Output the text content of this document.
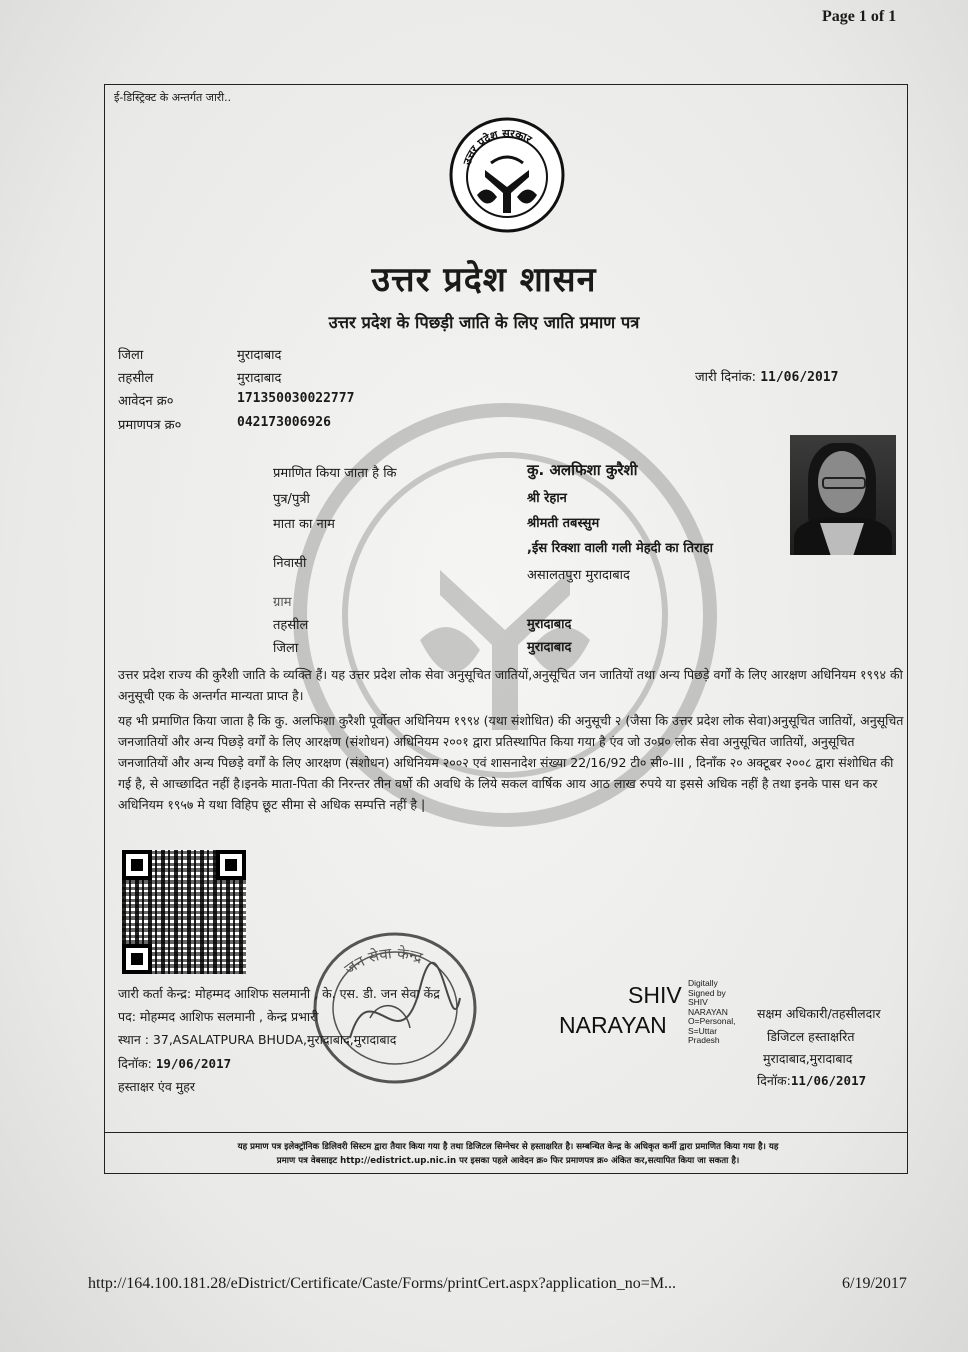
Page 1 of 1
ई-डिस्ट्रिक्ट के अन्तर्गत जारी..
उत्तर प्रदेश सरकार
उत्तर प्रदेश शासन
उत्तर प्रदेश के पिछड़ी जाति के लिए जाति प्रमाण पत्र
जिला	मुरादाबाद
तहसील	मुरादाबाद
आवेदन क्र०	171350030022777
प्रमाणपत्र क्र०	042173006926
जारी दिनांक: 11/06/2017
प्रमाणित किया जाता है कि	कु. अलफिशा कुरैशी
पुत्र/पुत्री	श्री रेहान
माता का नाम	श्रीमती तबस्सुम
निवासी
,ईस रिक्शा वाली गली मेहदी का तिराहा
असालतपुरा मुरादाबाद
ग्राम
तहसील	मुरादाबाद
जिला	मुरादाबाद
उत्तर प्रदेश राज्य की कुरैशी जाति के व्यक्ति हैं। यह उत्तर प्रदेश लोक सेवा अनुसूचित जातियों,अनुसूचित जन जातियों तथा अन्य पिछड़े वर्गों के लिए आरक्षण अधिनियम १९९४ की अनुसूची एक के अन्तर्गत मान्यता प्राप्त है।
यह भी प्रमाणित किया जाता है कि कु. अलफिशा कुरैशी पूर्वोक्त अधिनियम १९९४ (यथा संशोधित) की अनुसूची २ (जैसा कि उत्तर प्रदेश लोक सेवा)अनुसूचित जातियों, अनुसूचित जनजातियों और अन्य पिछड़े वर्गों के लिए आरक्षण (संशोधन) अधिनियम २००१ द्वारा प्रतिस्थापित किया गया है एंव जो उ०प्र० लोक सेवा अनुसूचित जातियों, अनुसूचित जनजातियों और अन्य पिछड़े वर्गों के लिए आरक्षण (संशोधन) अधिनियम २००२ एवं शासनादेश संख्या 22/16/92 टी० सी०-III , दिनाँक २० अक्टूबर २००८ द्वारा संशोधित की गई है, से आच्छादित नहीं है।इनके माता-पिता की निरन्तर तीन वर्षो की अवधि के लिये सकल वार्षिक आय आठ लाख रुपये या इससे अधिक नहीं है तथा इनके पास धन कर अधिनियम १९५७ मे यथा विहिप छूट सीमा से अधिक सम्पत्ति नहीं है |
जन सेवा केन्द्र
जारी कर्ता केन्द्र: मोहम्मद आशिफ सलमानी , के. एस. डी. जन सेवा केंद्र
पद: मोहम्मद आशिफ सलमानी , केन्द्र प्रभारी
स्थान : 37,ASALATPURA BHUDA,मुरादाबाद,मुरादाबाद
दिनॉक: 19/06/2017
हस्ताक्षर एंव मुहर
SHIV
NARAYAN
Digitally
Signed by
SHIV
NARAYAN
O=Personal,
S=Uttar
Pradesh
सक्षम अधिकारी/तहसीलदार
डिजिटल हस्ताक्षरित
मुरादाबाद,मुरादाबाद
दिनॉक:11/06/2017
यह प्रमाण पत्र इलेक्ट्रॉनिक डिलिवरी सिस्टम द्वारा तैयार किया गया है तथा डिजिटल सिग्नेचर से हस्ताक्षरित है। सम्बन्धित केन्द्र के अधिकृत कर्मी द्वारा प्रमाणित किया गया है। यह
प्रमाण पत्र वेबसाइट http://edistrict.up.nic.in पर इसका पहले आवेदन क्र० फिर प्रमाणपत्र क्र० अंकित कर,सत्यापित किया जा सकता है।
http://164.100.181.28/eDistrict/Certificate/Caste/Forms/printCert.aspx?application_no=M...	6/19/2017
